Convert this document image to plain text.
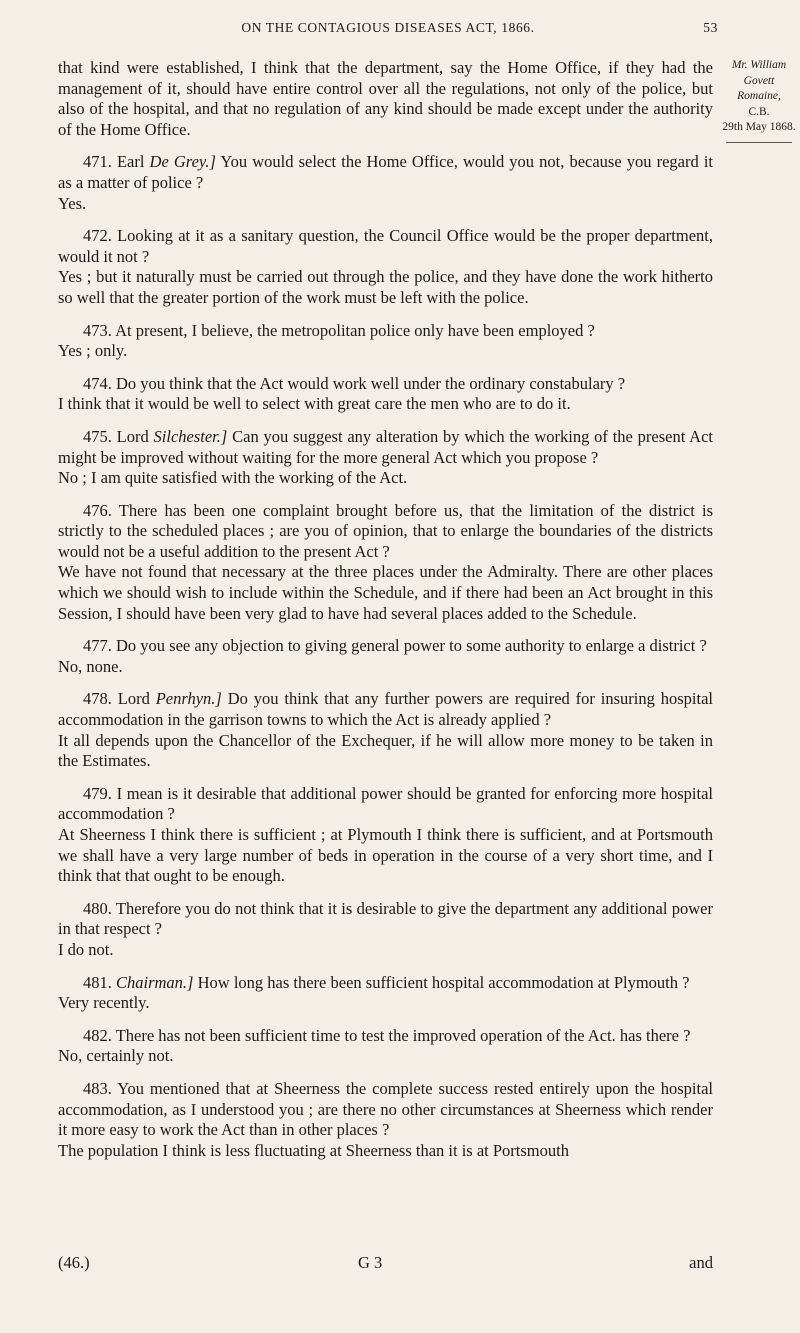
ON THE CONTAGIOUS DISEASES ACT, 1866.	53
Mr. William
Govett Romaine,
C.B.
29th May 1868.

that kind were established, I think that the department, say the Home Office, if they had the management of it, should have entire control over all the regulations, not only of the police, but also of the hospital, and that no regulation of any kind should be made except under the authority of the Home Office.

471. Earl De Grey.] You would select the Home Office, would you not, because you regard it as a matter of police ?

Yes.

472. Looking at it as a sanitary question, the Council Office would be the proper department, would it not ?

Yes ; but it naturally must be carried out through the police, and they have done the work hitherto so well that the greater portion of the work must be left with the police.

473. At present, I believe, the metropolitan police only have been employed ?

Yes ; only.

474. Do you think that the Act would work well under the ordinary constabulary ?

I think that it would be well to select with great care the men who are to do it.

475. Lord Silchester.] Can you suggest any alteration by which the working of the present Act might be improved without waiting for the more general Act which you propose ?

No ; I am quite satisfied with the working of the Act.

476. There has been one complaint brought before us, that the limitation of the district is strictly to the scheduled places ; are you of opinion, that to enlarge the boundaries of the districts would not be a useful addition to the present Act ?

We have not found that necessary at the three places under the Admiralty. There are other places which we should wish to include within the Schedule, and if there had been an Act brought in this Session, I should have been very glad to have had several places added to the Schedule.

477. Do you see any objection to giving general power to some authority to enlarge a district ?

No, none.

478. Lord Penrhyn.] Do you think that any further powers are required for insuring hospital accommodation in the garrison towns to which the Act is already applied ?

It all depends upon the Chancellor of the Exchequer, if he will allow more money to be taken in the Estimates.

479. I mean is it desirable that additional power should be granted for enforcing more hospital accommodation ?

At Sheerness I think there is sufficient ; at Plymouth I think there is sufficient, and at Portsmouth we shall have a very large number of beds in operation in the course of a very short time, and I think that that ought to be enough.

480. Therefore you do not think that it is desirable to give the department any additional power in that respect ?

I do not.

481. Chairman.] How long has there been sufficient hospital accommodation at Plymouth ?

Very recently.

482. There has not been sufficient time to test the improved operation of the Act. has there ?

No, certainly not.

483. You mentioned that at Sheerness the complete success rested entirely upon the hospital accommodation, as I understood you ; are there no other circumstances at Sheerness which render it more easy to work the Act than in other places ?

The population I think is less fluctuating at Sheerness than it is at Portsmouth

(46.)	G 3	and
